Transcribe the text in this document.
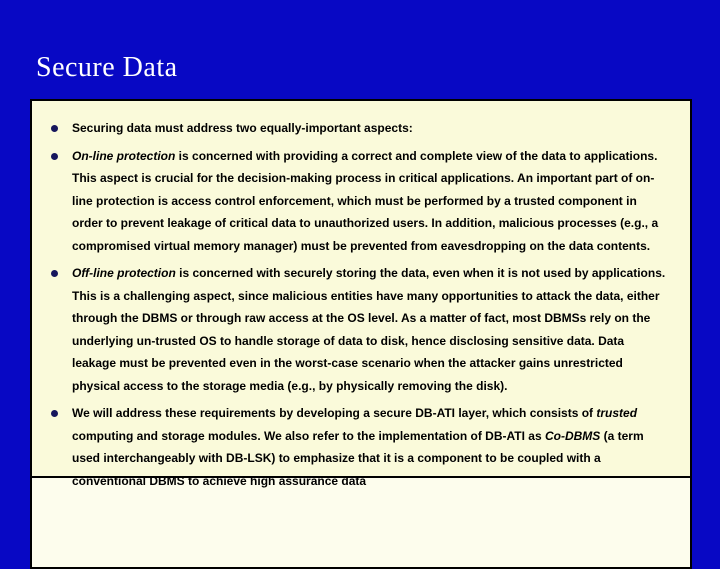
Secure Data
Securing data must address two equally-important aspects:
On-line protection is concerned with providing a correct and complete view of the data to applications. This aspect is crucial for the decision-making process in critical applications. An important part of on-line protection is access control enforcement, which must be performed by a trusted component in order to prevent leakage of critical data to unauthorized users. In addition, malicious processes (e.g., a compromised virtual memory manager) must be prevented from eavesdropping on the data contents.
Off-line protection is concerned with securely storing the data, even when it is not used by applications. This is a challenging aspect, since malicious entities have many opportunities to attack the data, either through the DBMS or through raw access at the OS level. As a matter of fact, most DBMSs rely on the underlying un-trusted OS to handle storage of data to disk, hence disclosing sensitive data. Data leakage must be prevented even in the worst-case scenario when the attacker gains unrestricted physical access to the storage media (e.g., by physically removing the disk).
We will address these requirements by developing a secure DB-ATI layer, which consists of trusted computing and storage modules. We also refer to the implementation of DB-ATI as Co-DBMS (a term used interchangeably with DB-LSK) to emphasize that it is a component to be coupled with a conventional DBMS to achieve high assurance data
